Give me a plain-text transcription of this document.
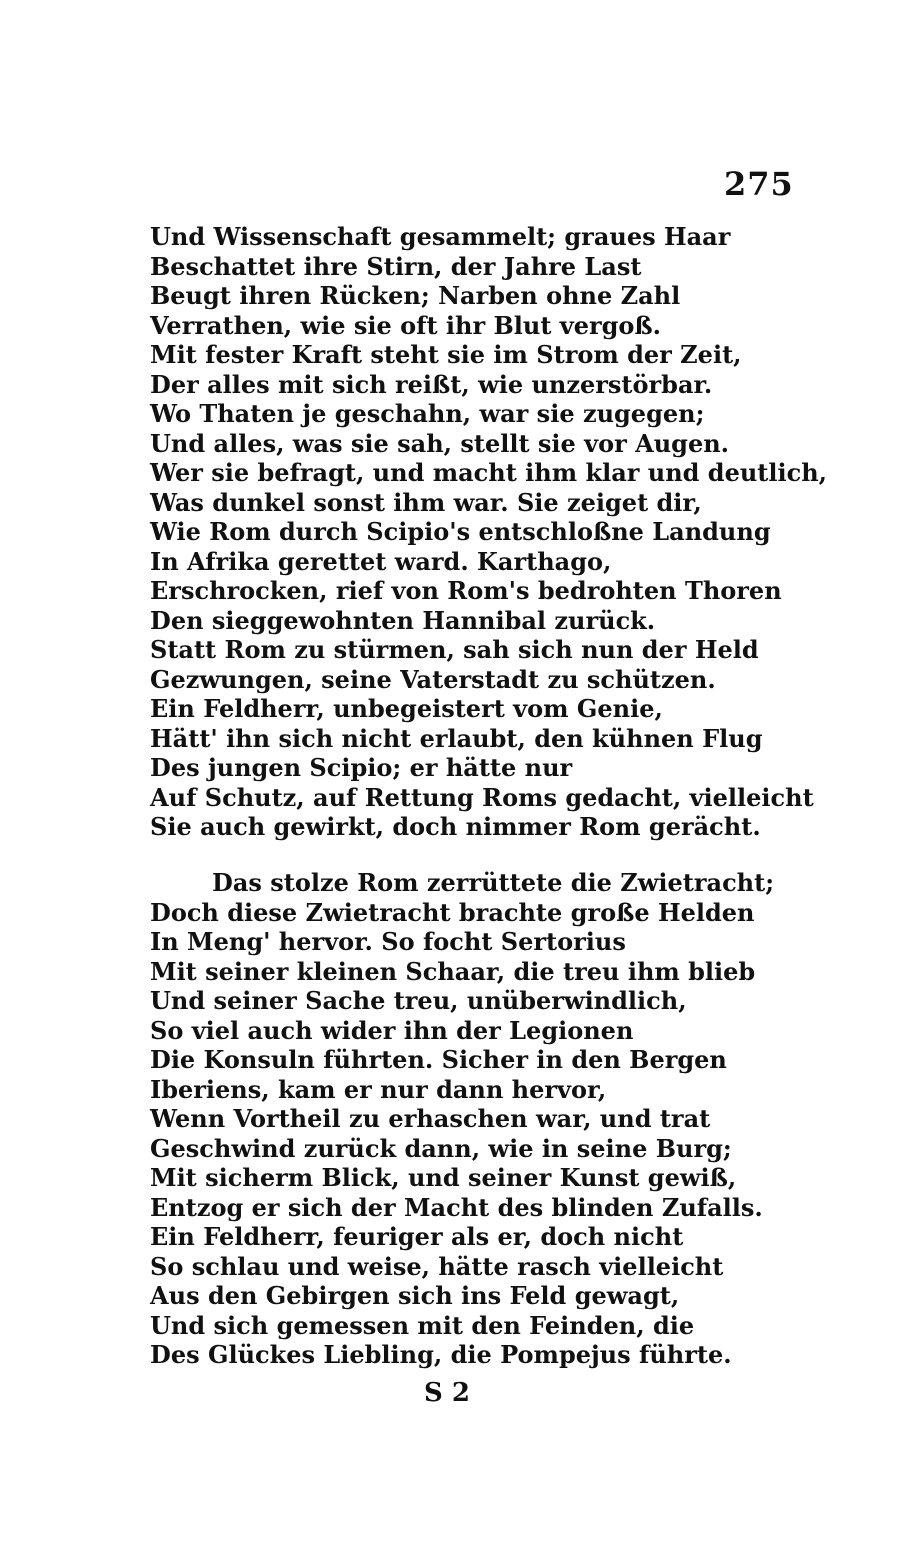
275
Und Wissenschaft gesammelt; graues Haar
Beschattet ihre Stirn, der Jahre Last
Beugt ihren Rücken; Narben ohne Zahl
Verrathen, wie sie oft ihr Blut vergoß.
Mit fester Kraft steht sie im Strom der Zeit,
Der alles mit sich reißt, wie unzerstörbar.
Wo Thaten je geschahn, war sie zugegen;
Und alles, was sie sah, stellt sie vor Augen.
Wer sie befragt, und macht ihm klar und deutlich,
Was dunkel sonst ihm war. Sie zeiget dir,
Wie Rom durch Scipio's entschloßne Landung
In Afrika gerettet ward. Karthago,
Erschrocken, rief von Rom's bedrohten Thoren
Den sieggewohnten Hannibal zurück.
Statt Rom zu stürmen, sah sich nun der Held
Gezwungen, seine Vaterstadt zu schützen.
Ein Feldherr, unbegeistert vom Genie,
Hätt' ihn sich nicht erlaubt, den kühnen Flug
Des jungen Scipio; er hätte nur
Auf Schutz, auf Rettung Roms gedacht, vielleicht
Sie auch gewirkt, doch nimmer Rom gerächt.
Das stolze Rom zerrüttete die Zwietracht;
Doch diese Zwietracht brachte große Helden
In Meng' hervor. So focht Sertorius
Mit seiner kleinen Schaar, die treu ihm blieb
Und seiner Sache treu, unüberwindlich,
So viel auch wider ihn der Legionen
Die Konsuln führten. Sicher in den Bergen
Iberiens, kam er nur dann hervor,
Wenn Vortheil zu erhaschen war, und trat
Geschwind zurück dann, wie in seine Burg;
Mit sicherm Blick, und seiner Kunst gewiß,
Entzog er sich der Macht des blinden Zufalls.
Ein Feldherr, feuriger als er, doch nicht
So schlau und weise, hätte rasch vielleicht
Aus den Gebirgen sich ins Feld gewagt,
Und sich gemessen mit den Feinden, die
Des Glückes Liebling, die Pompejus führte.
S 2
